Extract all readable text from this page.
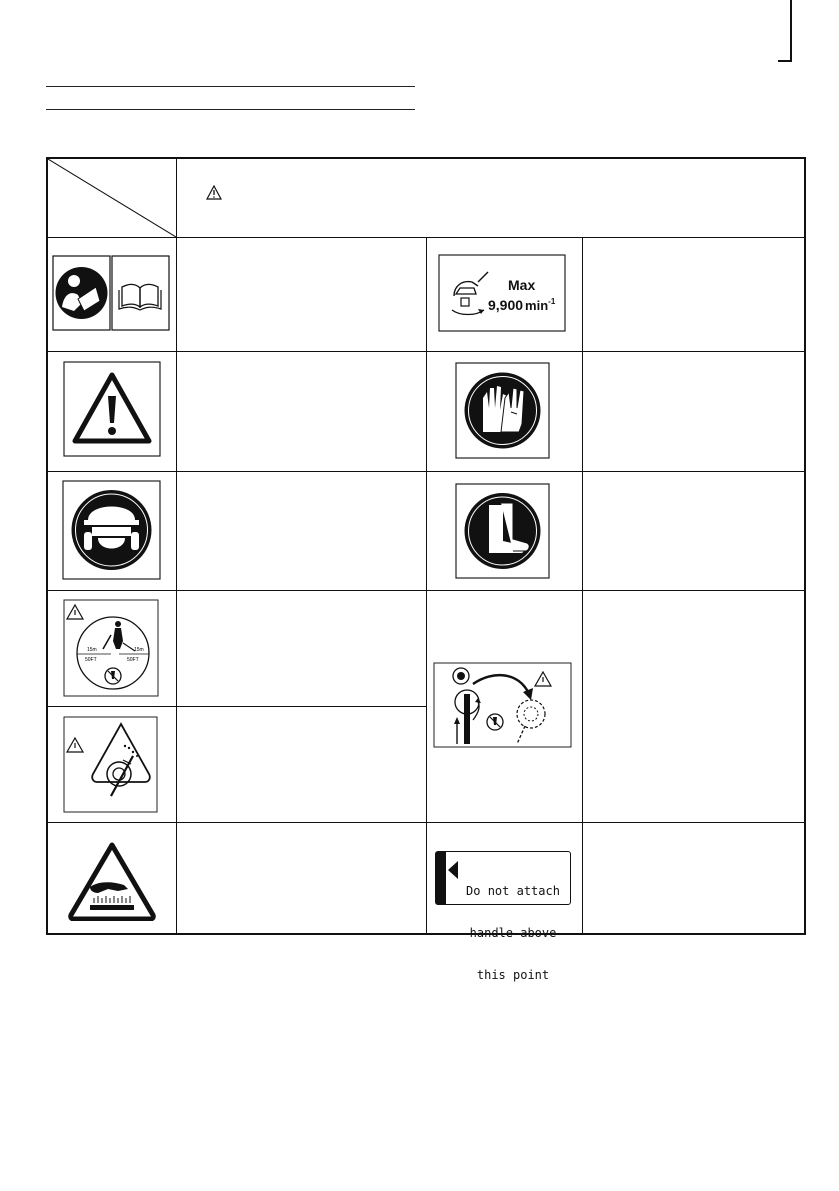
Max
9,900 $\min^{-1}$
15m
50FT
15m
50FT

Do not attach

handle above

this point
